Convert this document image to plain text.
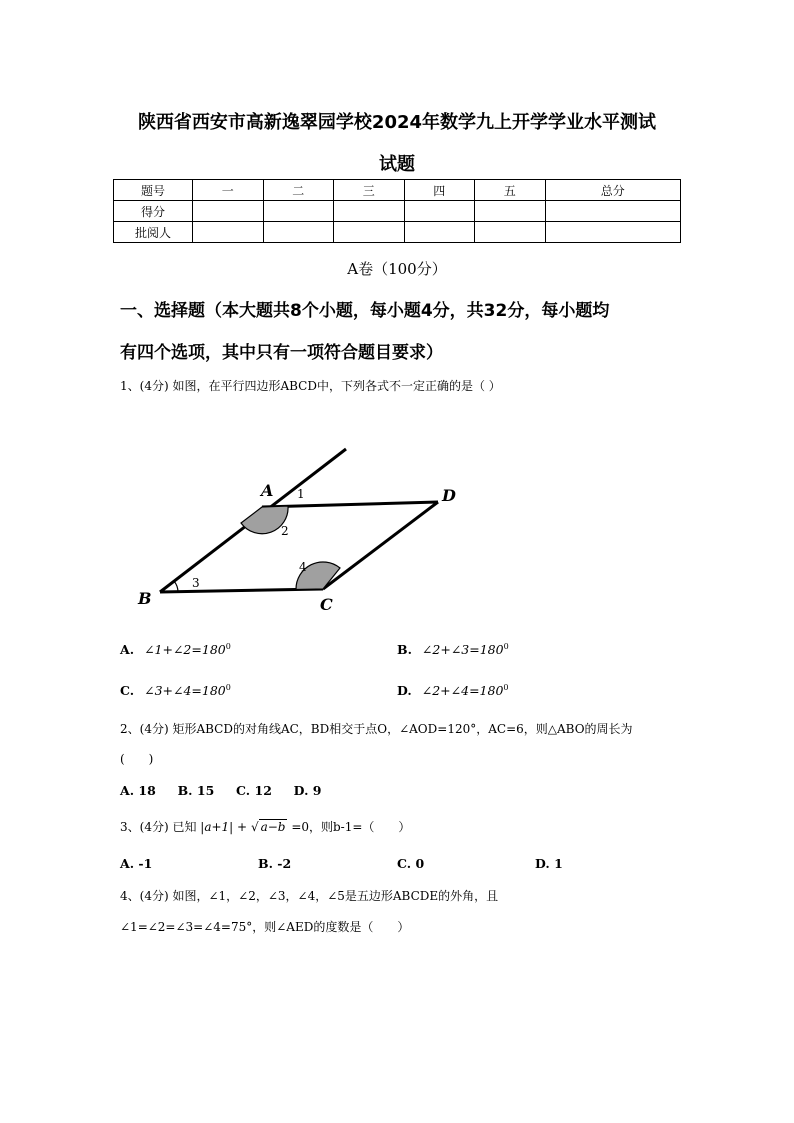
陕西省西安市高新逸翠园学校2024年数学九上开学学业水平测试
试题
题号	一	二	三	四	五	总分
得分						
批阅人						
A卷（100分）
一、选择题（本大题共8个小题，每小题4分，共32分，每小题均
有四个选项，其中只有一项符合题目要求）
1、(4分) 如图，在平行四边形ABCD中，下列各式不一定正确的是（ ）
A
B	C
D
1
2
3
4
A. $\angle 1+\angle 2=180^0$	B. $\angle 2+\angle 3=180^0$
C. $\angle 3+\angle 4=180^0$	D. $\angle 2+\angle 4=180^0$
2、(4分) 矩形ABCD的对角线AC，BD相交于点O，∠AOD=120°，AC=6，则△ABO的周长为
(　　)
A. 18 B. 15 C. 12 D. 9
3、(4分) 已知 |a+1| + √ a−b =0，则b-1=（　　）
A. -1	B. -2	C. 0	D. 1
4、(4分) 如图，∠1，∠2，∠3，∠4，∠5是五边形ABCDE的外角，且
∠1=∠2=∠3=∠4=75°，则∠AED的度数是（　　）
